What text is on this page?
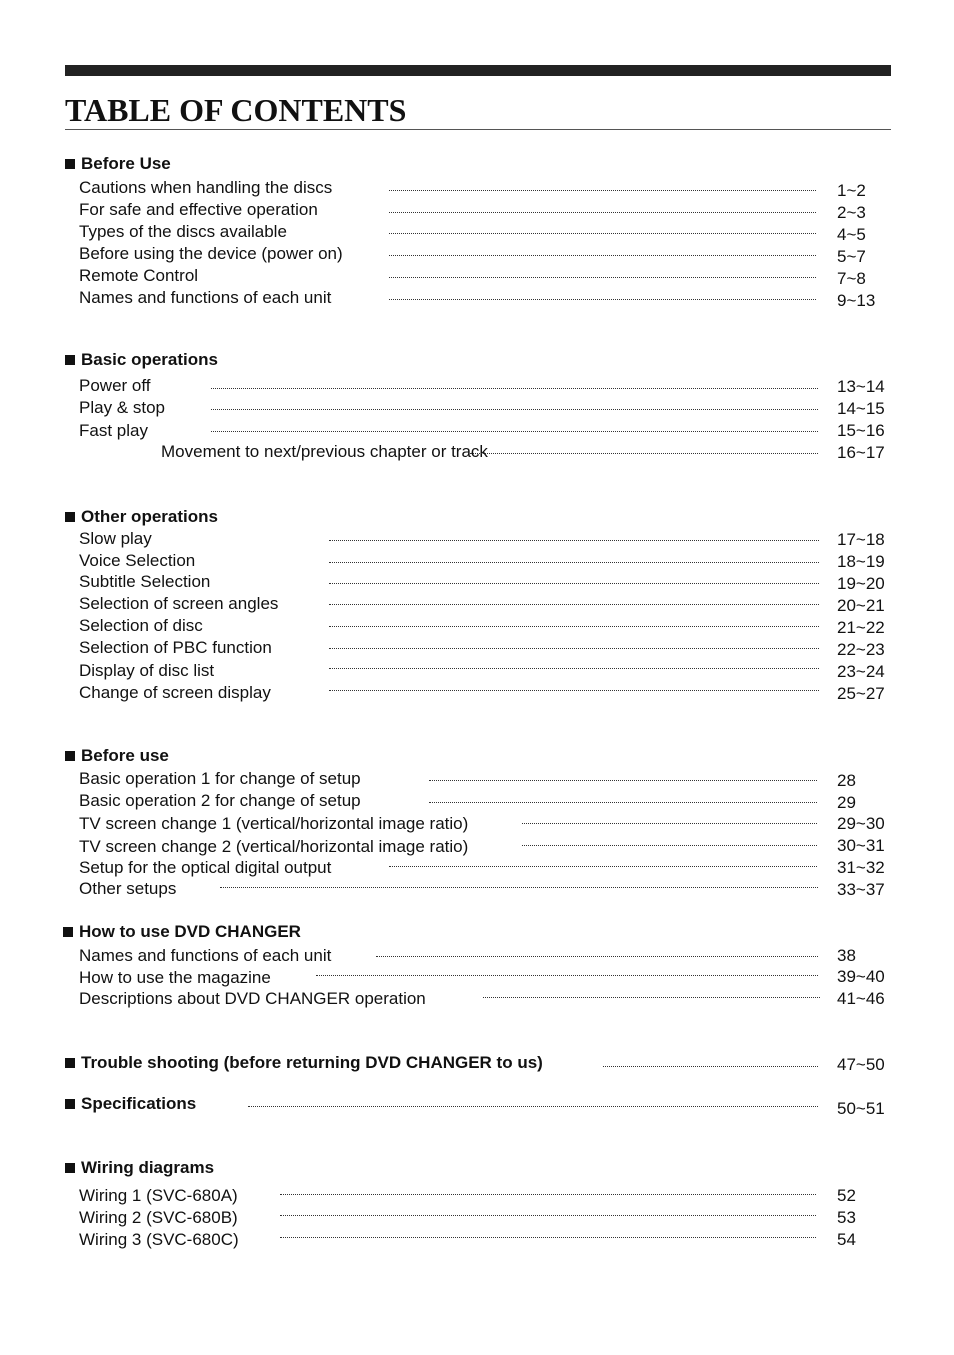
TABLE OF CONTENTS
Before Use
Cautions when handling the discs	1~2
For safe and effective operation	2~3
Types of the discs available	4~5
Before using the device (power on)	5~7
Remote Control	7~8
Names and functions of each unit	9~13
Basic operations
Power off	13~14
Play & stop	14~15
Fast play	15~16
Movement to next/previous chapter or track	16~17
Other operations
Slow play	17~18
Voice Selection	18~19
Subtitle Selection	19~20
Selection of screen angles	20~21
Selection of disc	21~22
Selection of PBC function	22~23
Display of disc list	23~24
Change of screen display	25~27
Before use
Basic operation 1 for change of setup	28
Basic operation 2 for change of setup	29
TV screen change 1 (vertical/horizontal image ratio)	29~30
TV screen change 2 (vertical/horizontal image ratio)	30~31
Setup for the optical digital output	31~32
Other setups	33~37
How to use DVD CHANGER
Names and functions of each unit	38
How to use the magazine	39~40
Descriptions about DVD CHANGER operation	41~46
Trouble shooting (before returning DVD CHANGER to us)	47~50
Specifications	50~51
Wiring diagrams
Wiring 1 (SVC-680A)	52
Wiring 2 (SVC-680B)	53
Wiring 3 (SVC-680C)	54
